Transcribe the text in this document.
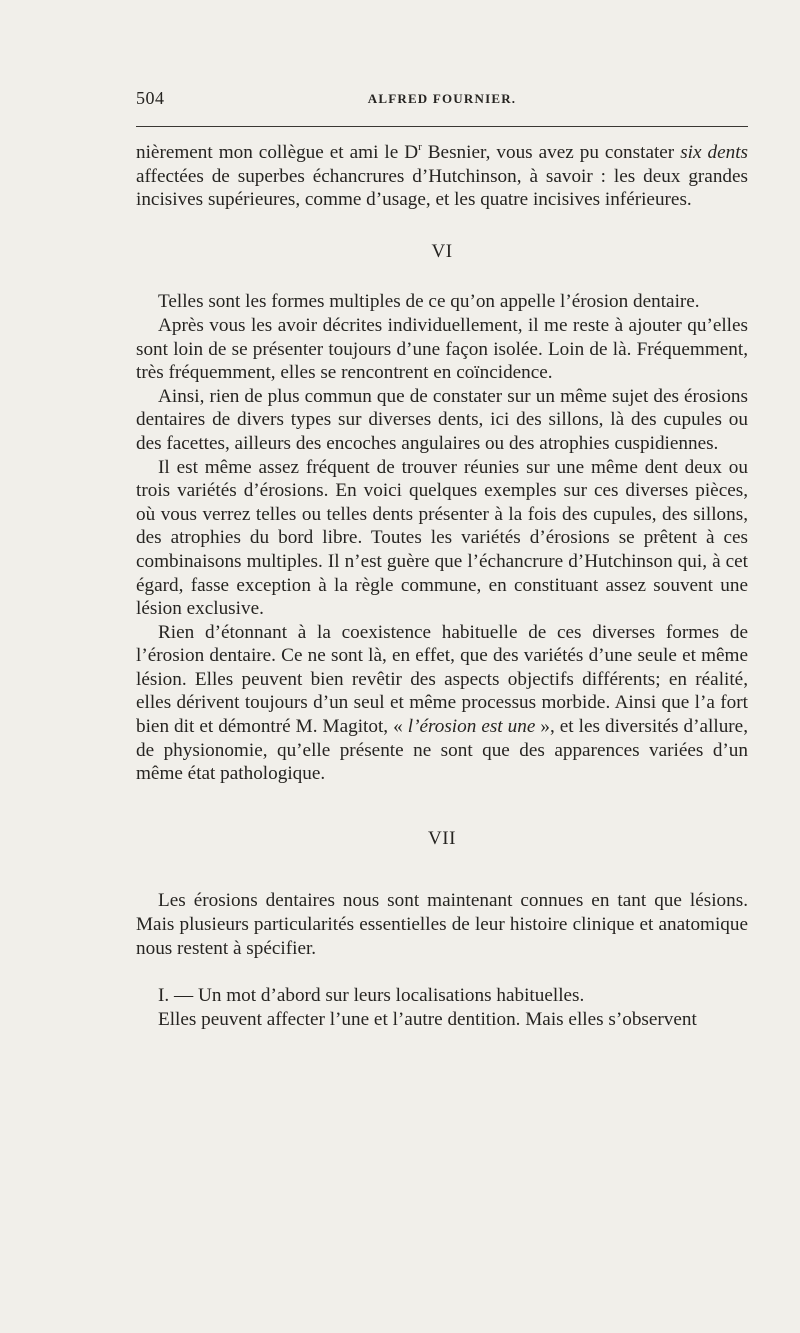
504	ALFRED FOURNIER.

nièrement mon collègue et ami le $D^r$ Besnier, vous avez pu constater six dents affectées de superbes échancrures d’Hutchinson, à savoir : les deux grandes incisives supérieures, comme d’usage, et les quatre incisives inférieures.

VI

Telles sont les formes multiples de ce qu’on appelle l’érosion dentaire.

Après vous les avoir décrites individuellement, il me reste à ajouter qu’elles sont loin de se présenter toujours d’une façon isolée. Loin de là. Fréquemment, très fréquemment, elles se rencontrent en coïncidence.

Ainsi, rien de plus commun que de constater sur un même sujet des érosions dentaires de divers types sur diverses dents, ici des sillons, là des cupules ou des facettes, ailleurs des encoches angulaires ou des atrophies cuspidiennes.

Il est même assez fréquent de trouver réunies sur une même dent deux ou trois variétés d’érosions. En voici quelques exemples sur ces diverses pièces, où vous verrez telles ou telles dents présenter à la fois des cupules, des sillons, des atrophies du bord libre. Toutes les variétés d’érosions se prêtent à ces combinaisons multiples. Il n’est guère que l’échancrure d’Hutchinson qui, à cet égard, fasse exception à la règle commune, en constituant assez souvent une lésion exclusive.

Rien d’étonnant à la coexistence habituelle de ces diverses formes de l’érosion dentaire. Ce ne sont là, en effet, que des variétés d’une seule et même lésion. Elles peuvent bien revêtir des aspects objectifs différents; en réalité, elles dérivent toujours d’un seul et même processus morbide. Ainsi que l’a fort bien dit et démontré M. Magitot, « l’érosion est une », et les diversités d’allure, de physionomie, qu’elle présente ne sont que des apparences variées d’un même état pathologique.

VII

Les érosions dentaires nous sont maintenant connues en tant que lésions. Mais plusieurs particularités essentielles de leur histoire clinique et anatomique nous restent à spécifier.

I. — Un mot d’abord sur leurs localisations habituelles.

Elles peuvent affecter l’une et l’autre dentition. Mais elles s’observent
